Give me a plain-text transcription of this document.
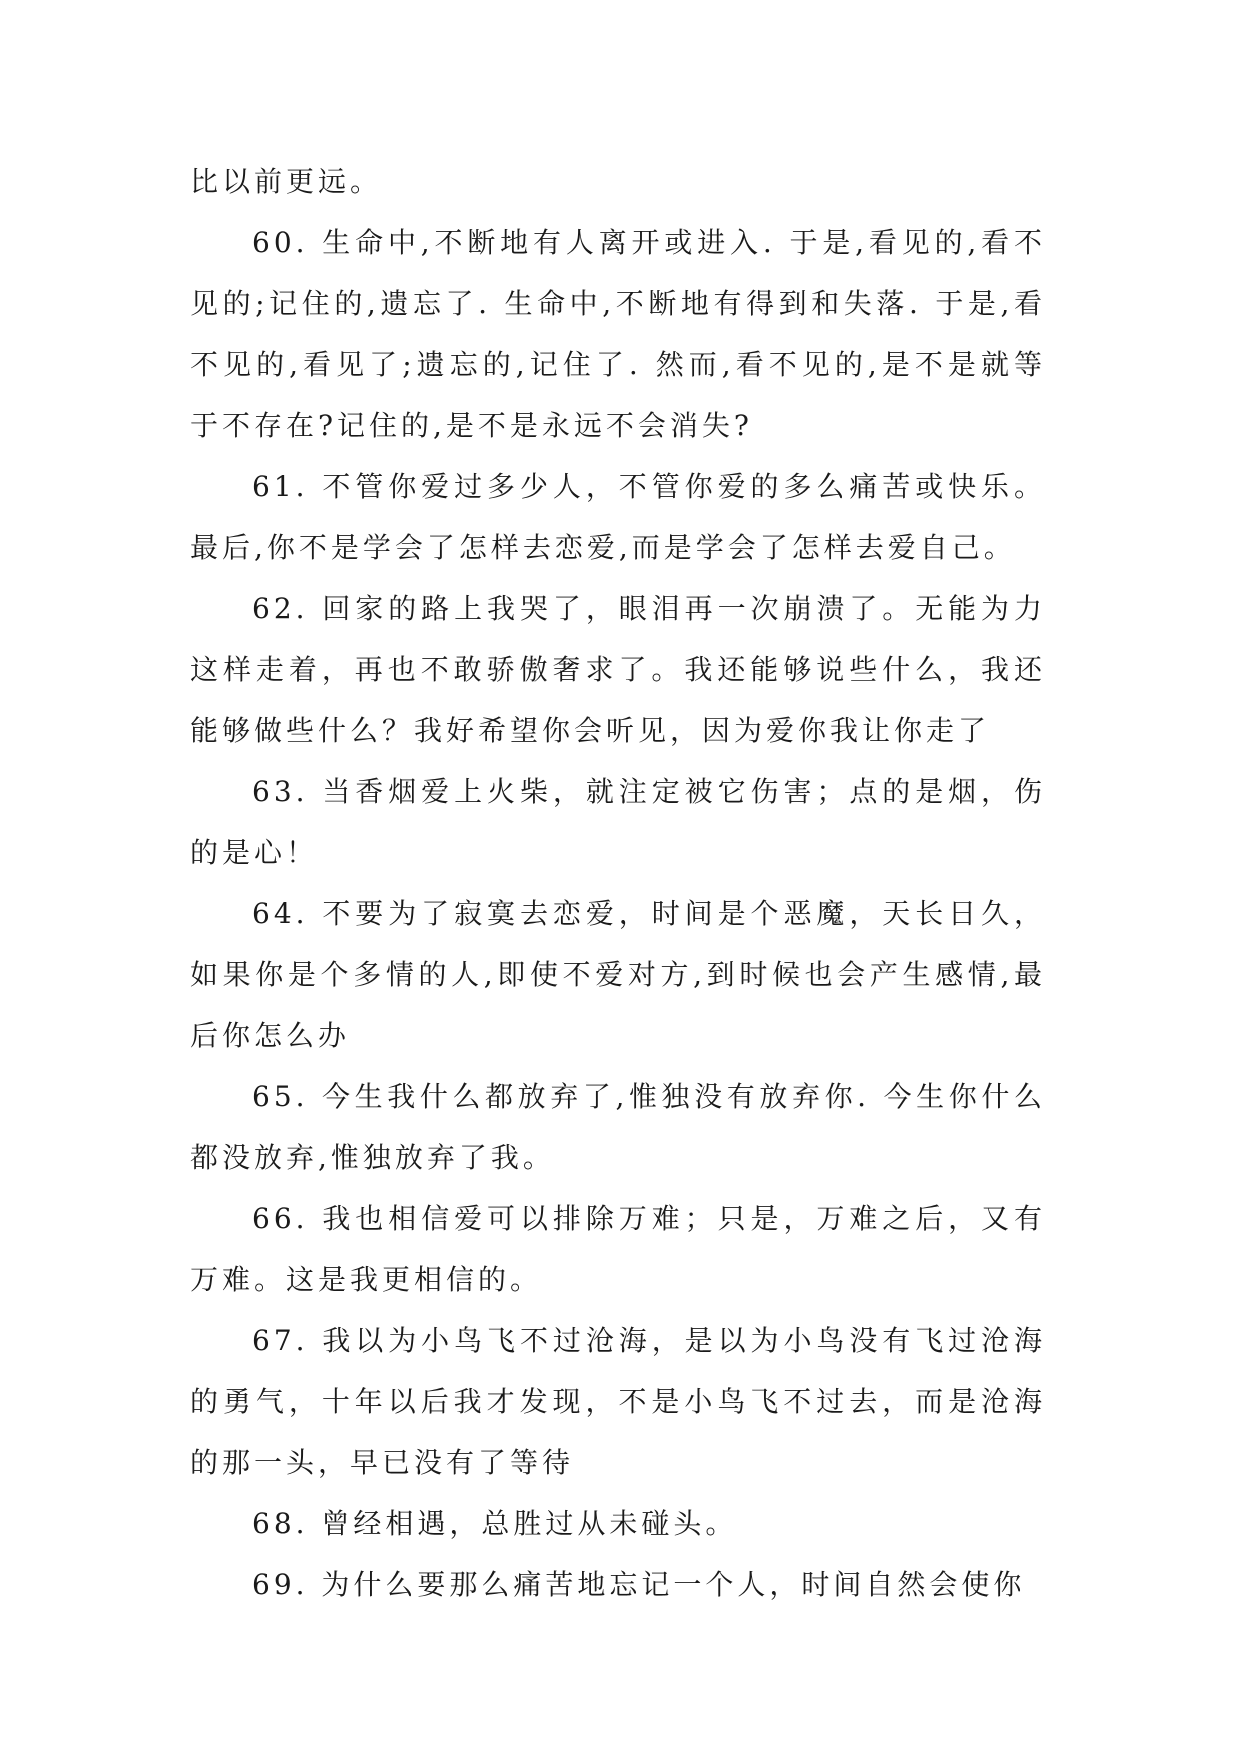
比以前更远。

60. 生命中,不断地有人离开或进入. 于是,看见的,看不见的;记住的,遗忘了. 生命中,不断地有得到和失落. 于是,看不见的,看见了;遗忘的,记住了. 然而,看不见的,是不是就等于不存在?记住的,是不是永远不会消失?

61. 不管你爱过多少人，不管你爱的多么痛苦或快乐。最后,你不是学会了怎样去恋爱,而是学会了怎样去爱自己。

62. 回家的路上我哭了，眼泪再一次崩溃了。无能为力这样走着，再也不敢骄傲奢求了。我还能够说些什么，我还能够做些什么？我好希望你会听见，因为爱你我让你走了

63. 当香烟爱上火柴，就注定被它伤害；点的是烟，伤的是心！

64. 不要为了寂寞去恋爱，时间是个恶魔，天长日久，如果你是个多情的人,即使不爱对方,到时候也会产生感情,最后你怎么办

65. 今生我什么都放弃了,惟独没有放弃你. 今生你什么都没放弃,惟独放弃了我。

66. 我也相信爱可以排除万难；只是，万难之后，又有万难。这是我更相信的。

67. 我以为小鸟飞不过沧海，是以为小鸟没有飞过沧海的勇气，十年以后我才发现，不是小鸟飞不过去，而是沧海的那一头，早已没有了等待

68. 曾经相遇，总胜过从未碰头。

69. 为什么要那么痛苦地忘记一个人，时间自然会使你
